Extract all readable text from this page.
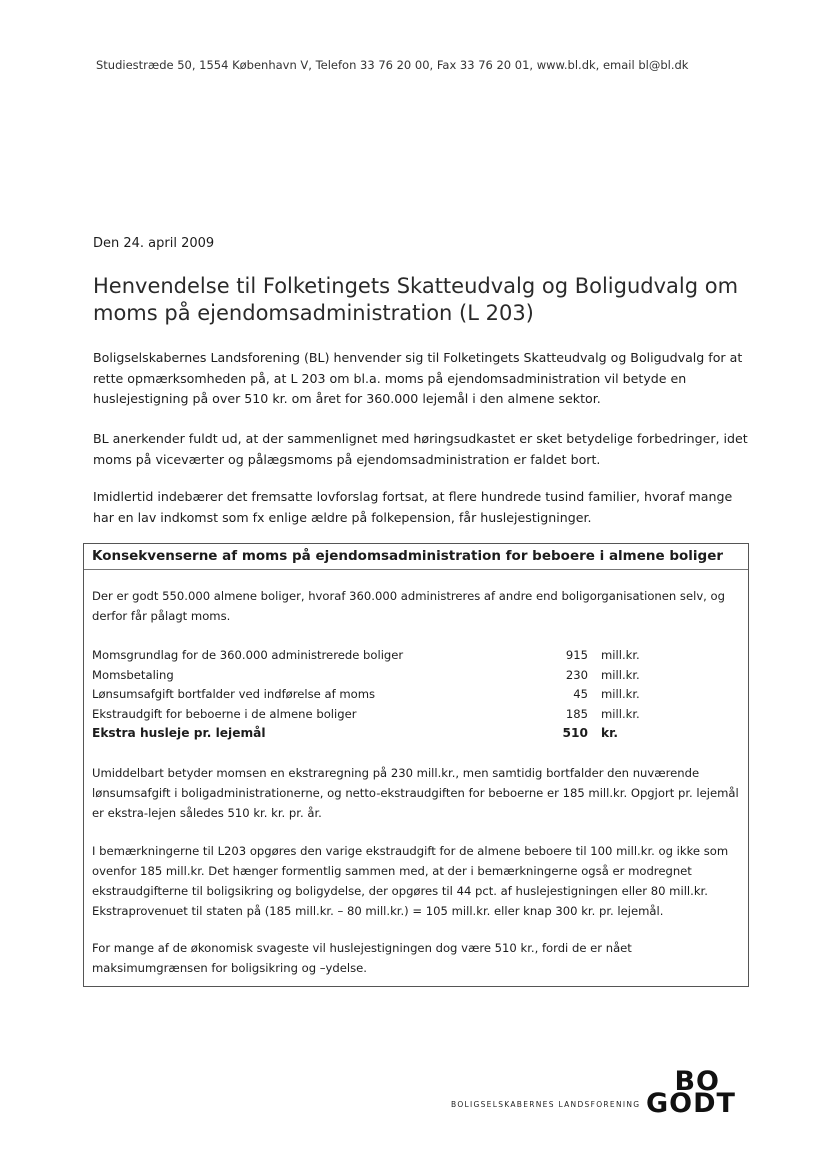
Studiestræde 50, 1554 København V, Telefon 33 76 20 00, Fax 33 76 20 01, www.bl.dk, email bl@bl.dk
Den 24. april 2009
Henvendelse til Folketingets Skatteudvalg og Boligudvalg om moms på ejendomsadministration (L 203)

Boligselskabernes Landsforening (BL) henvender sig til Folketingets Skatteudvalg og Boligudvalg for at rette opmærksomheden på, at L 203 om bl.a. moms på ejendomsadministration vil betyde en huslejestigning på over 510 kr. om året for 360.000 lejemål i den almene sektor.

BL anerkender fuldt ud, at der sammenlignet med høringsudkastet er sket betydelige forbedringer, idet moms på viceværter og pålægsmoms på ejendomsadministration er faldet bort.

Imidlertid indebærer det fremsatte lovforslag fortsat, at flere hundrede tusind familier, hvoraf mange har en lav indkomst som fx enlige ældre på folkepension, får huslejestigninger.

Konsekvenserne af moms på ejendomsadministration for beboere i almene boliger

Der er godt 550.000 almene boliger, hvoraf 360.000 administreres af andre end boligorganisationen selv, og derfor får pålagt moms.

Momsgrundlag for de 360.000 administrerede boliger	915 mill.kr.
Momsbetaling	230 mill.kr.
Lønsumsafgift bortfalder ved indførelse af moms	45 mill.kr.
Ekstraudgift for beboerne i de almene boliger	185 mill.kr.
Ekstra husleje pr. lejemål	510 kr.

Umiddelbart betyder momsen en ekstraregning på 230 mill.kr., men samtidig bortfalder den nuværende lønsumsafgift i boligadministrationerne, og netto-ekstraudgiften for beboerne er 185 mill.kr. Opgjort pr. lejemål er ekstra-lejen således 510 kr. kr. pr. år.

I bemærkningerne til L203 opgøres den varige ekstraudgift for de almene beboere til 100 mill.kr. og ikke som ovenfor 185 mill.kr. Det hænger formentlig sammen med, at der i bemærkningerne også er modregnet ekstraudgifterne til boligsikring og boligydelse, der opgøres til 44 pct. af huslejestigningen eller 80 mill.kr. Ekstraprovenuet til staten på (185 mill.kr. – 80 mill.kr.) = 105 mill.kr. eller knap 300 kr. pr. lejemål.

For mange af de økonomisk svageste vil huslejestigningen dog være 510 kr., fordi de er nået maksimumgrænsen for boligsikring og –ydelse.

BOLIGSELSKABERNES LANDSFORENING
BO
GODT
